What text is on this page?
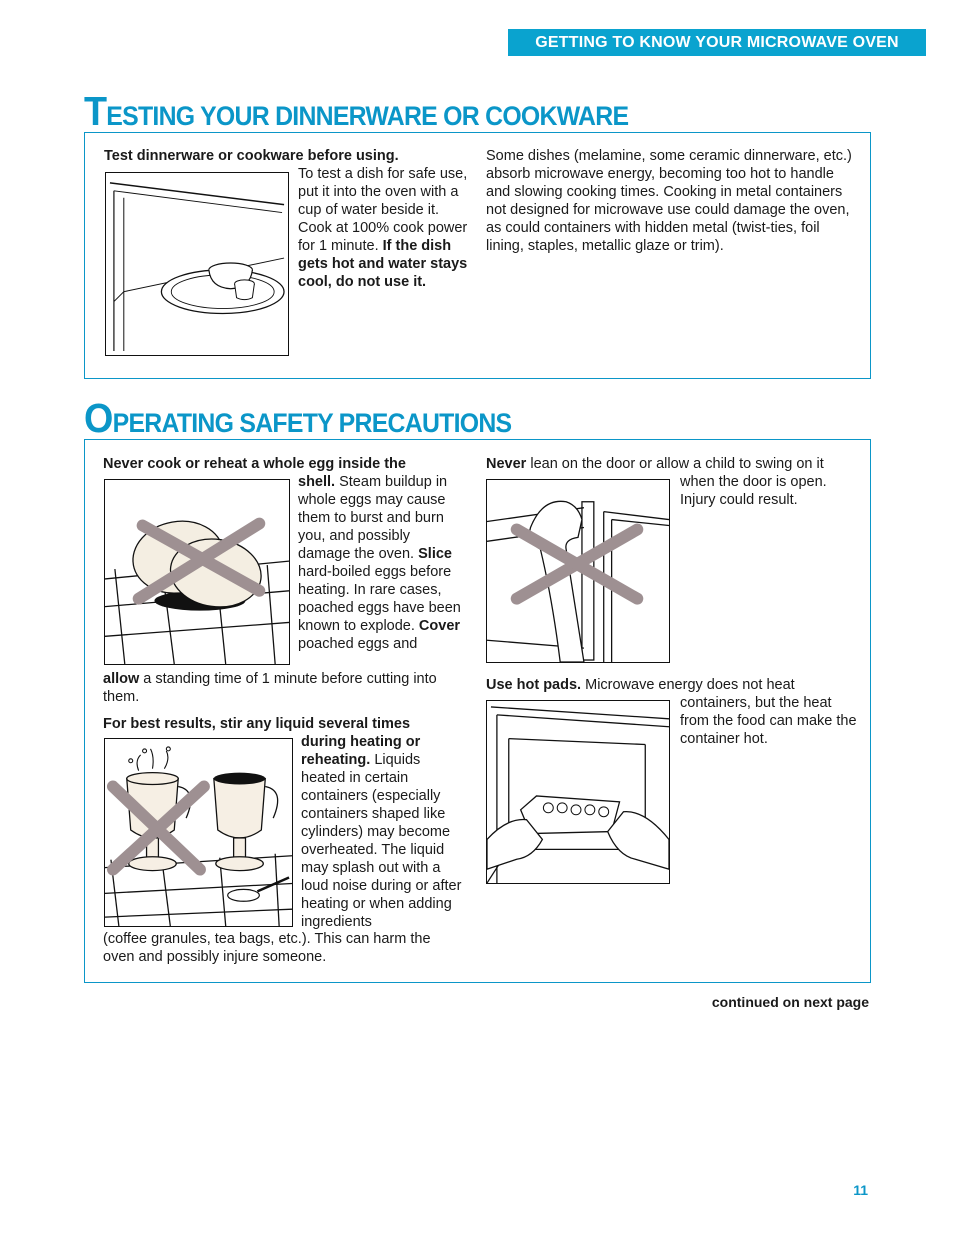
GETTING TO KNOW YOUR MICROWAVE OVEN
TESTING YOUR DINNERWARE OR COOKWARE
Test dinnerware or cookware before using.
To test a dish for safe use, put it into the oven with a cup of water beside it. Cook at 100% cook power for 1 minute. If the dish gets hot and water stays cool, do not use it.
Some dishes (melamine, some ceramic dinnerware, etc.) absorb microwave energy, becoming too hot to handle and slowing cooking times. Cooking in metal containers not designed for microwave use could damage the oven, as could containers with hidden metal (twist-ties, foil lining, staples, metallic glaze or trim).
OPERATING SAFETY PRECAUTIONS
Never cook or reheat a whole egg inside the
shell. Steam buildup in whole eggs may cause them to burst and burn you, and possibly damage the oven. Slice hard-boiled eggs before heating. In rare cases, poached eggs have been known to explode. Cover poached eggs and
allow a standing time of 1 minute before cutting into them.
For best results, stir any liquid several times
during heating or reheating. Liquids heated in certain containers (especially containers shaped like cylinders) may become overheated. The liquid may splash out with a loud noise during or after heating or when adding ingredients
(coffee granules, tea bags, etc.). This can harm the oven and possibly injure someone.
Never lean on the door or allow a child to swing on it
when the door is open. Injury could result.
Use hot pads. Microwave energy does not heat
containers, but the heat from the food can make the container hot.
continued on next page
11
